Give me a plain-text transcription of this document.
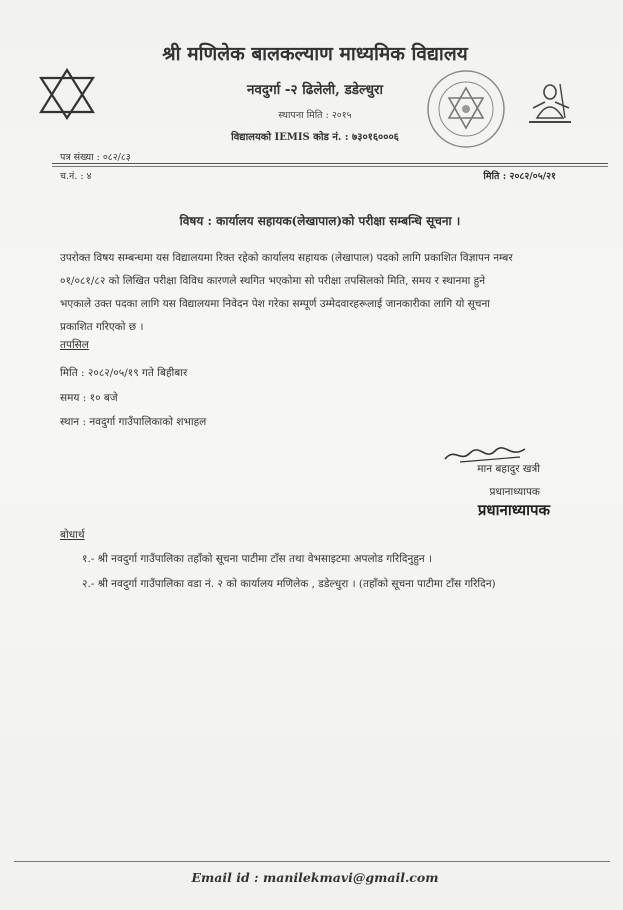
श्री मणिलेक बालकल्याण माध्यमिक विद्यालय
नवदुर्गा -२ ढिलेली, डडेल्धुरा
स्थापना मिति : २०१५
विद्यालयको IEMIS कोड नं. : ७३०१६०००६
पत्र संख्या : ०८२/८३
च.नं. : ४	मिति : २०८२/०५/२१
विषय : कार्यालय सहायक(लेखापाल)को परीक्षा सम्बन्धि सूचना ।
उपरोक्त विषय सम्बन्धमा यस विद्यालयमा रिक्त रहेको कार्यालय सहायक (लेखापाल) पदको लागि प्रकाशित विज्ञापन नम्बर
०१/०८१/८२ को लिखित परीक्षा विविध कारणले स्थगित भएकोमा सो परीक्षा तपसिलको मिति, समय र स्थानमा हुने
भएकाले उक्त पदका लागि यस विद्यालयमा निवेदन पेश गरेका सम्पूर्ण उम्मेदवारहरूलाई जानकारीका लागि यो सूचना
प्रकाशित गरिएको छ ।
तपसिल
मिति : २०८२/०५/१९ गते बिहीबार
समय : १० बजे
स्थान : नवदुर्गा गाउँपालिकाको शभाहल
मान बहादुर खत्री
प्रधानाध्यापक
प्रधानाध्यापक
बोधार्थ
१.- श्री नवदुर्गा गाउँपालिका तहाँको सूचना पाटीमा टाँस तथा वेभसाइटमा अपलोड गरिदिनुहुन ।
२.- श्री नवदुर्गा गाउँपालिका वडा नं. २ को कार्यालय मणिलेक , डडेल्धुरा । (तहाँको सूचना पाटीमा टाँस गरिदिन)
Email id : manilekmavi@gmail.com
